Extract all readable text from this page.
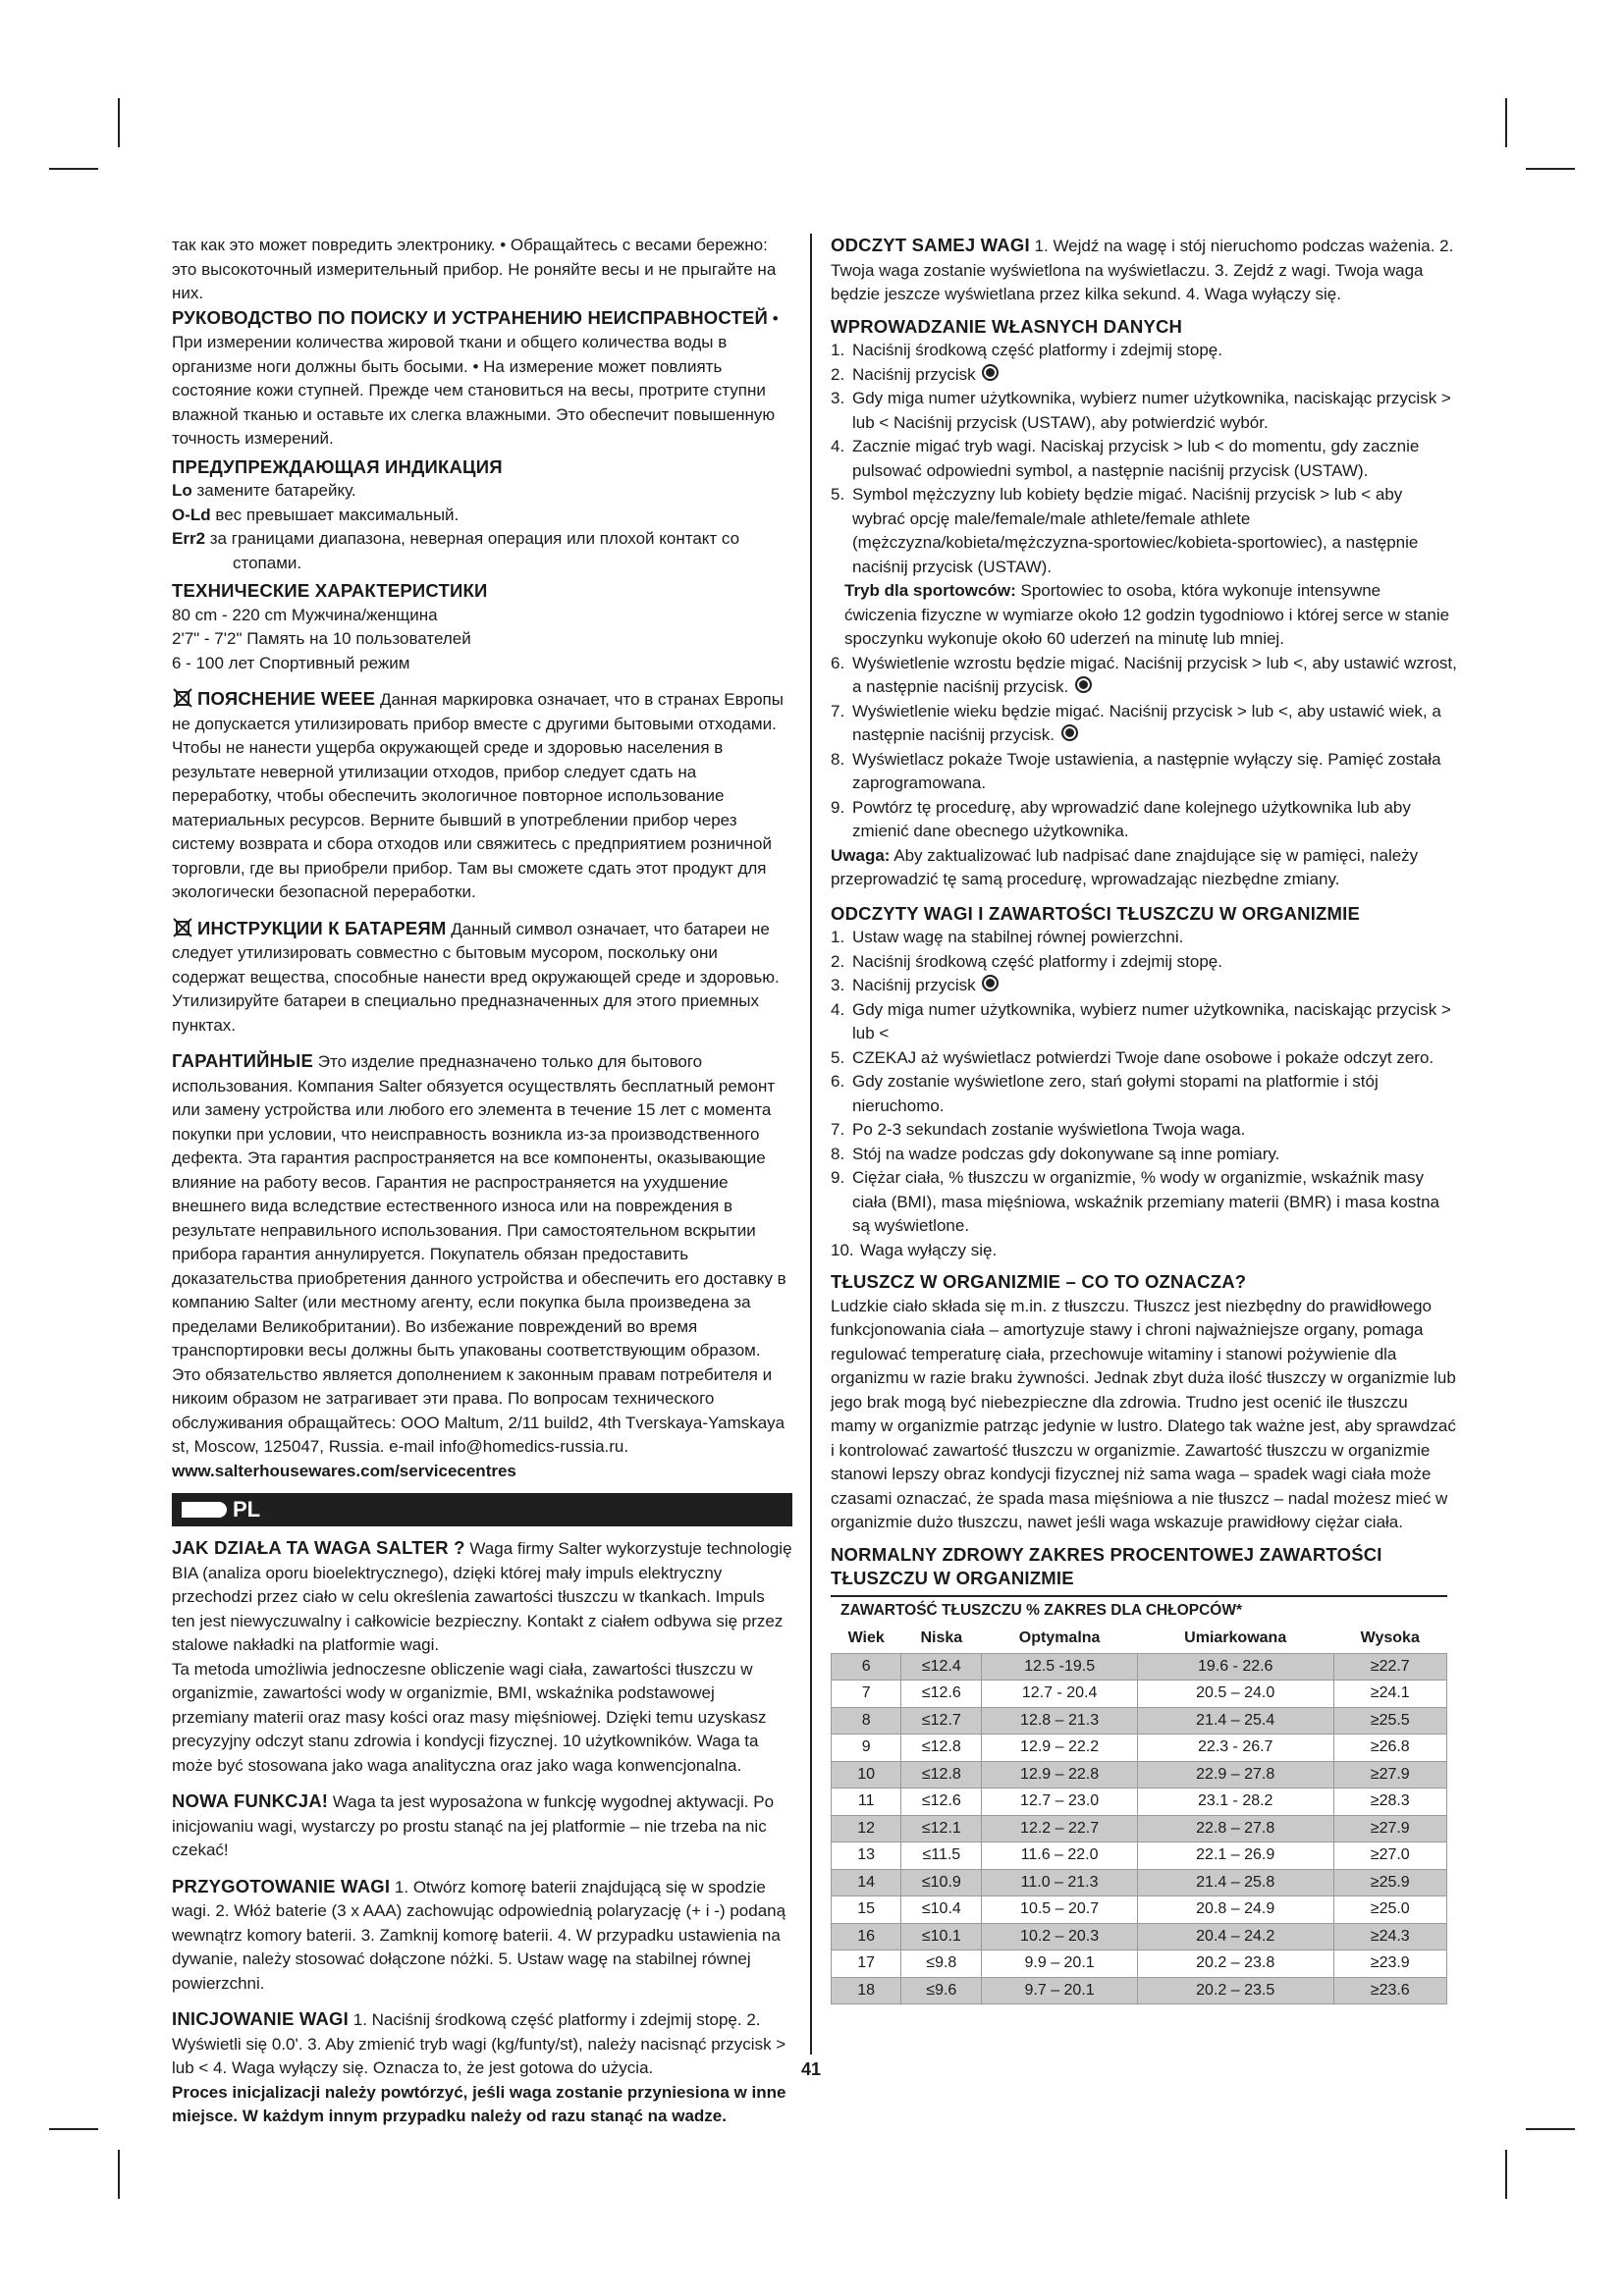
так как это может повредить электронику. • Обращайтесь с весами бережно: это высокоточный измерительный прибор. Не роняйте весы и не прыгайте на них.

РУКОВОДСТВО ПО ПОИСКУ И УСТРАНЕНИЮ НЕИСПРАВНОСТЕЙ • При измерении количества жировой ткани и общего количества воды в организме ноги должны быть босыми. • На измерение может повлиять состояние кожи ступней. Прежде чем становиться на весы, протрите ступни влажной тканью и оставьте их слегка влажными. Это обеспечит повышенную точность измерений.

ПРЕДУПРЕЖДАЮЩАЯ ИНДИКАЦИЯ

Lo замените батарейку.

O-Ld вес превышает максимальный.

Err2 за границами диапазона, неверная операция или плохой контакт со

стопами.

ТЕХНИЧЕСКИЕ ХАРАКТЕРИСТИКИ

80 cm - 220 cm Мужчина/женщина

2'7" - 7'2" Память на 10 пользователей

6 - 100 лет Спортивный режим

ПОЯСНЕНИЕ WEEE Данная маркировка означает, что в странах Европы не допускается утилизировать прибор вместе с другими бытовыми отходами. Чтобы не нанести ущерба окружающей среде и здоровью населения в результате неверной утилизации отходов, прибор следует сдать на переработку, чтобы обеспечить экологичное повторное использование материальных ресурсов. Верните бывший в употреблении прибор через систему возврата и сбора отходов или свяжитесь с предприятием розничной торговли, где вы приобрели прибор. Там вы сможете сдать этот продукт для экологически безопасной переработки.

ИНСТРУКЦИИ К БАТАРЕЯМ Данный символ означает, что батареи не следует утилизировать совместно с бытовым мусором, поскольку они содержат вещества, способные нанести вред окружающей среде и здоровью. Утилизируйте батареи в специально предназначенных для этого приемных пунктах.

ГАРАНТИЙНЫЕ Это изделие предназначено только для бытового использования. Компания Salter обязуется осуществлять бесплатный ремонт или замену устройства или любого его элемента в течение 15 лет с момента покупки при условии, что неисправность возникла из-за производственного дефекта. Эта гарантия распространяется на все компоненты, оказывающие влияние на работу весов. Гарантия не распространяется на ухудшение внешнего вида вследствие естественного износа или на повреждения в результате неправильного использования. При самостоятельном вскрытии прибора гарантия аннулируется. Покупатель обязан предоставить доказательства приобретения данного устройства и обеспечить его доставку в компанию Salter (или местному агенту, если покупка была произведена за пределами Великобритании). Во избежание повреждений во время транспортировки весы должны быть упакованы соответствующим образом. Это обязательство является дополнением к законным правам потребителя и никоим образом не затрагивает эти права. По вопросам технического обслуживания обращайтесь: OOO Maltum, 2/11 build2, 4th Tverskaya-Yamskaya st, Moscow, 125047, Russia. e-mail info@homedics-russia.ru.

www.salterhousewares.com/servicecentres

PL

JAK DZIAŁA TA WAGA SALTER ? Waga firmy Salter wykorzystuje technologię BIA (analiza oporu bioelektrycznego), dzięki której mały impuls elektryczny przechodzi przez ciało w celu określenia zawartości tłuszczu w tkankach. Impuls ten jest niewyczuwalny i całkowicie bezpieczny. Kontakt z ciałem odbywa się przez stalowe nakładki na platformie wagi.

Ta metoda umożliwia jednoczesne obliczenie wagi ciała, zawartości tłuszczu w organizmie, zawartości wody w organizmie, BMI, wskaźnika podstawowej przemiany materii oraz masy kości oraz masy mięśniowej. Dzięki temu uzyskasz precyzyjny odczyt stanu zdrowia i kondycji fizycznej. 10 użytkowników. Waga ta może być stosowana jako waga analityczna oraz jako waga konwencjonalna.

NOWA FUNKCJA! Waga ta jest wyposażona w funkcję wygodnej aktywacji. Po inicjowaniu wagi, wystarczy po prostu stanąć na jej platformie – nie trzeba na nic czekać!

PRZYGOTOWANIE WAGI 1. Otwórz komorę baterii znajdującą się w spodzie wagi. 2. Włóż baterie (3 x AAA) zachowując odpowiednią polaryzację (+ i -) podaną wewnątrz komory baterii. 3. Zamknij komorę baterii. 4. W przypadku ustawienia na dywanie, należy stosować dołączone nóżki. 5. Ustaw wagę na stabilnej równej powierzchni.

INICJOWANIE WAGI 1. Naciśnij środkową część platformy i zdejmij stopę. 2. Wyświetli się 0.0'. 3. Aby zmienić tryb wagi (kg/funty/st), należy nacisnąć przycisk > lub < 4. Waga wyłączy się. Oznacza to, że jest gotowa do użycia.

Proces inicjalizacji należy powtórzyć, jeśli waga zostanie przyniesiona w inne miejsce. W każdym innym przypadku należy od razu stanąć na wadze.

ODCZYT SAMEJ WAGI 1. Wejdź na wagę i stój nieruchomo podczas ważenia. 2. Twoja waga zostanie wyświetlona na wyświetlaczu. 3. Zejdź z wagi. Twoja waga będzie jeszcze wyświetlana przez kilka sekund. 4. Waga wyłączy się.

WPROWADZANIE WŁASNYCH DANYCH

1. Naciśnij środkową część platformy i zdejmij stopę.
2. Naciśnij przycisk
3. Gdy miga numer użytkownika, wybierz numer użytkownika, naciskając przycisk > lub < Naciśnij przycisk (USTAW), aby potwierdzić wybór.
4. Zacznie migać tryb wagi. Naciskaj przycisk > lub < do momentu, gdy zacznie pulsować odpowiedni symbol, a następnie naciśnij przycisk (USTAW).
5. Symbol mężczyzny lub kobiety będzie migać. Naciśnij przycisk > lub < aby wybrać opcję male/female/male athlete/female athlete (mężczyzna/kobieta/mężczyzna-sportowiec/kobieta-sportowiec), a następnie naciśnij przycisk (USTAW).

Tryb dla sportowców: Sportowiec to osoba, która wykonuje intensywne ćwiczenia fizyczne w wymiarze około 12 godzin tygodniowo i której serce w stanie spoczynku wykonuje około 60 uderzeń na minutę lub mniej.

6. Wyświetlenie wzrostu będzie migać. Naciśnij przycisk > lub <, aby ustawić wzrost, a następnie naciśnij przycisk.
7. Wyświetlenie wieku będzie migać. Naciśnij przycisk > lub <, aby ustawić wiek, a następnie naciśnij przycisk.
8. Wyświetlacz pokaże Twoje ustawienia, a następnie wyłączy się. Pamięć została zaprogramowana.
9. Powtórz tę procedurę, aby wprowadzić dane kolejnego użytkownika lub aby zmienić dane obecnego użytkownika.

Uwaga: Aby zaktualizować lub nadpisać dane znajdujące się w pamięci, należy przeprowadzić tę samą procedurę, wprowadzając niezbędne zmiany.

ODCZYTY WAGI I ZAWARTOŚCI TŁUSZCZU W ORGANIZMIE

1. Ustaw wagę na stabilnej równej powierzchni.
2. Naciśnij środkową część platformy i zdejmij stopę.
3. Naciśnij przycisk
4. Gdy miga numer użytkownika, wybierz numer użytkownika, naciskając przycisk > lub <
5. CZEKAJ aż wyświetlacz potwierdzi Twoje dane osobowe i pokaże odczyt zero.
6. Gdy zostanie wyświetlone zero, stań gołymi stopami na platformie i stój nieruchomo.
7. Po 2-3 sekundach zostanie wyświetlona Twoja waga.
8. Stój na wadze podczas gdy dokonywane są inne pomiary.
9. Ciężar ciała, % tłuszczu w organizmie, % wody w organizmie, wskaźnik masy ciała (BMI), masa mięśniowa, wskaźnik przemiany materii (BMR) i masa kostna są wyświetlone.
10. Waga wyłączy się.

TŁUSZCZ W ORGANIZMIE – CO TO OZNACZA?

Ludzkie ciało składa się m.in. z tłuszczu. Tłuszcz jest niezbędny do prawidłowego funkcjonowania ciała – amortyzuje stawy i chroni najważniejsze organy, pomaga regulować temperaturę ciała, przechowuje witaminy i stanowi pożywienie dla organizmu w razie braku żywności. Jednak zbyt duża ilość tłuszczy w organizmie lub jego brak mogą być niebezpieczne dla zdrowia. Trudno jest ocenić ile tłuszczu mamy w organizmie patrząc jedynie w lustro. Dlatego tak ważne jest, aby sprawdzać i kontrolować zawartość tłuszczu w organizmie. Zawartość tłuszczu w organizmie stanowi lepszy obraz kondycji fizycznej niż sama waga – spadek wagi ciała może czasami oznaczać, że spada masa mięśniowa a nie tłuszcz – nadal możesz mieć w organizmie dużo tłuszczu, nawet jeśli waga wskazuje prawidłowy ciężar ciała.

NORMALNY ZDROWY ZAKRES PROCENTOWEJ ZAWARTOŚCI TŁUSZCZU W ORGANIZMIE

ZAWARTOŚĆ TŁUSZCZU % ZAKRES DLA CHŁOPCÓW*
Wiek	Niska	Optymalna	Umiarkowana	Wysoka
6	≤12.4	12.5 -19.5	19.6 - 22.6	≥22.7
7	≤12.6	12.7 - 20.4	20.5 – 24.0	≥24.1
8	≤12.7	12.8 – 21.3	21.4 – 25.4	≥25.5
9	≤12.8	12.9 – 22.2	22.3 - 26.7	≥26.8
10	≤12.8	12.9 – 22.8	22.9 – 27.8	≥27.9
11	≤12.6	12.7 – 23.0	23.1 - 28.2	≥28.3
12	≤12.1	12.2 – 22.7	22.8 – 27.8	≥27.9
13	≤11.5	11.6 – 22.0	22.1 – 26.9	≥27.0
14	≤10.9	11.0 – 21.3	21.4 – 25.8	≥25.9
15	≤10.4	10.5 – 20.7	20.8 – 24.9	≥25.0
16	≤10.1	10.2 – 20.3	20.4 – 24.2	≥24.3
17	≤9.8	9.9 – 20.1	20.2 – 23.8	≥23.9
18	≤9.6	9.7 – 20.1	20.2 – 23.5	≥23.6
41
